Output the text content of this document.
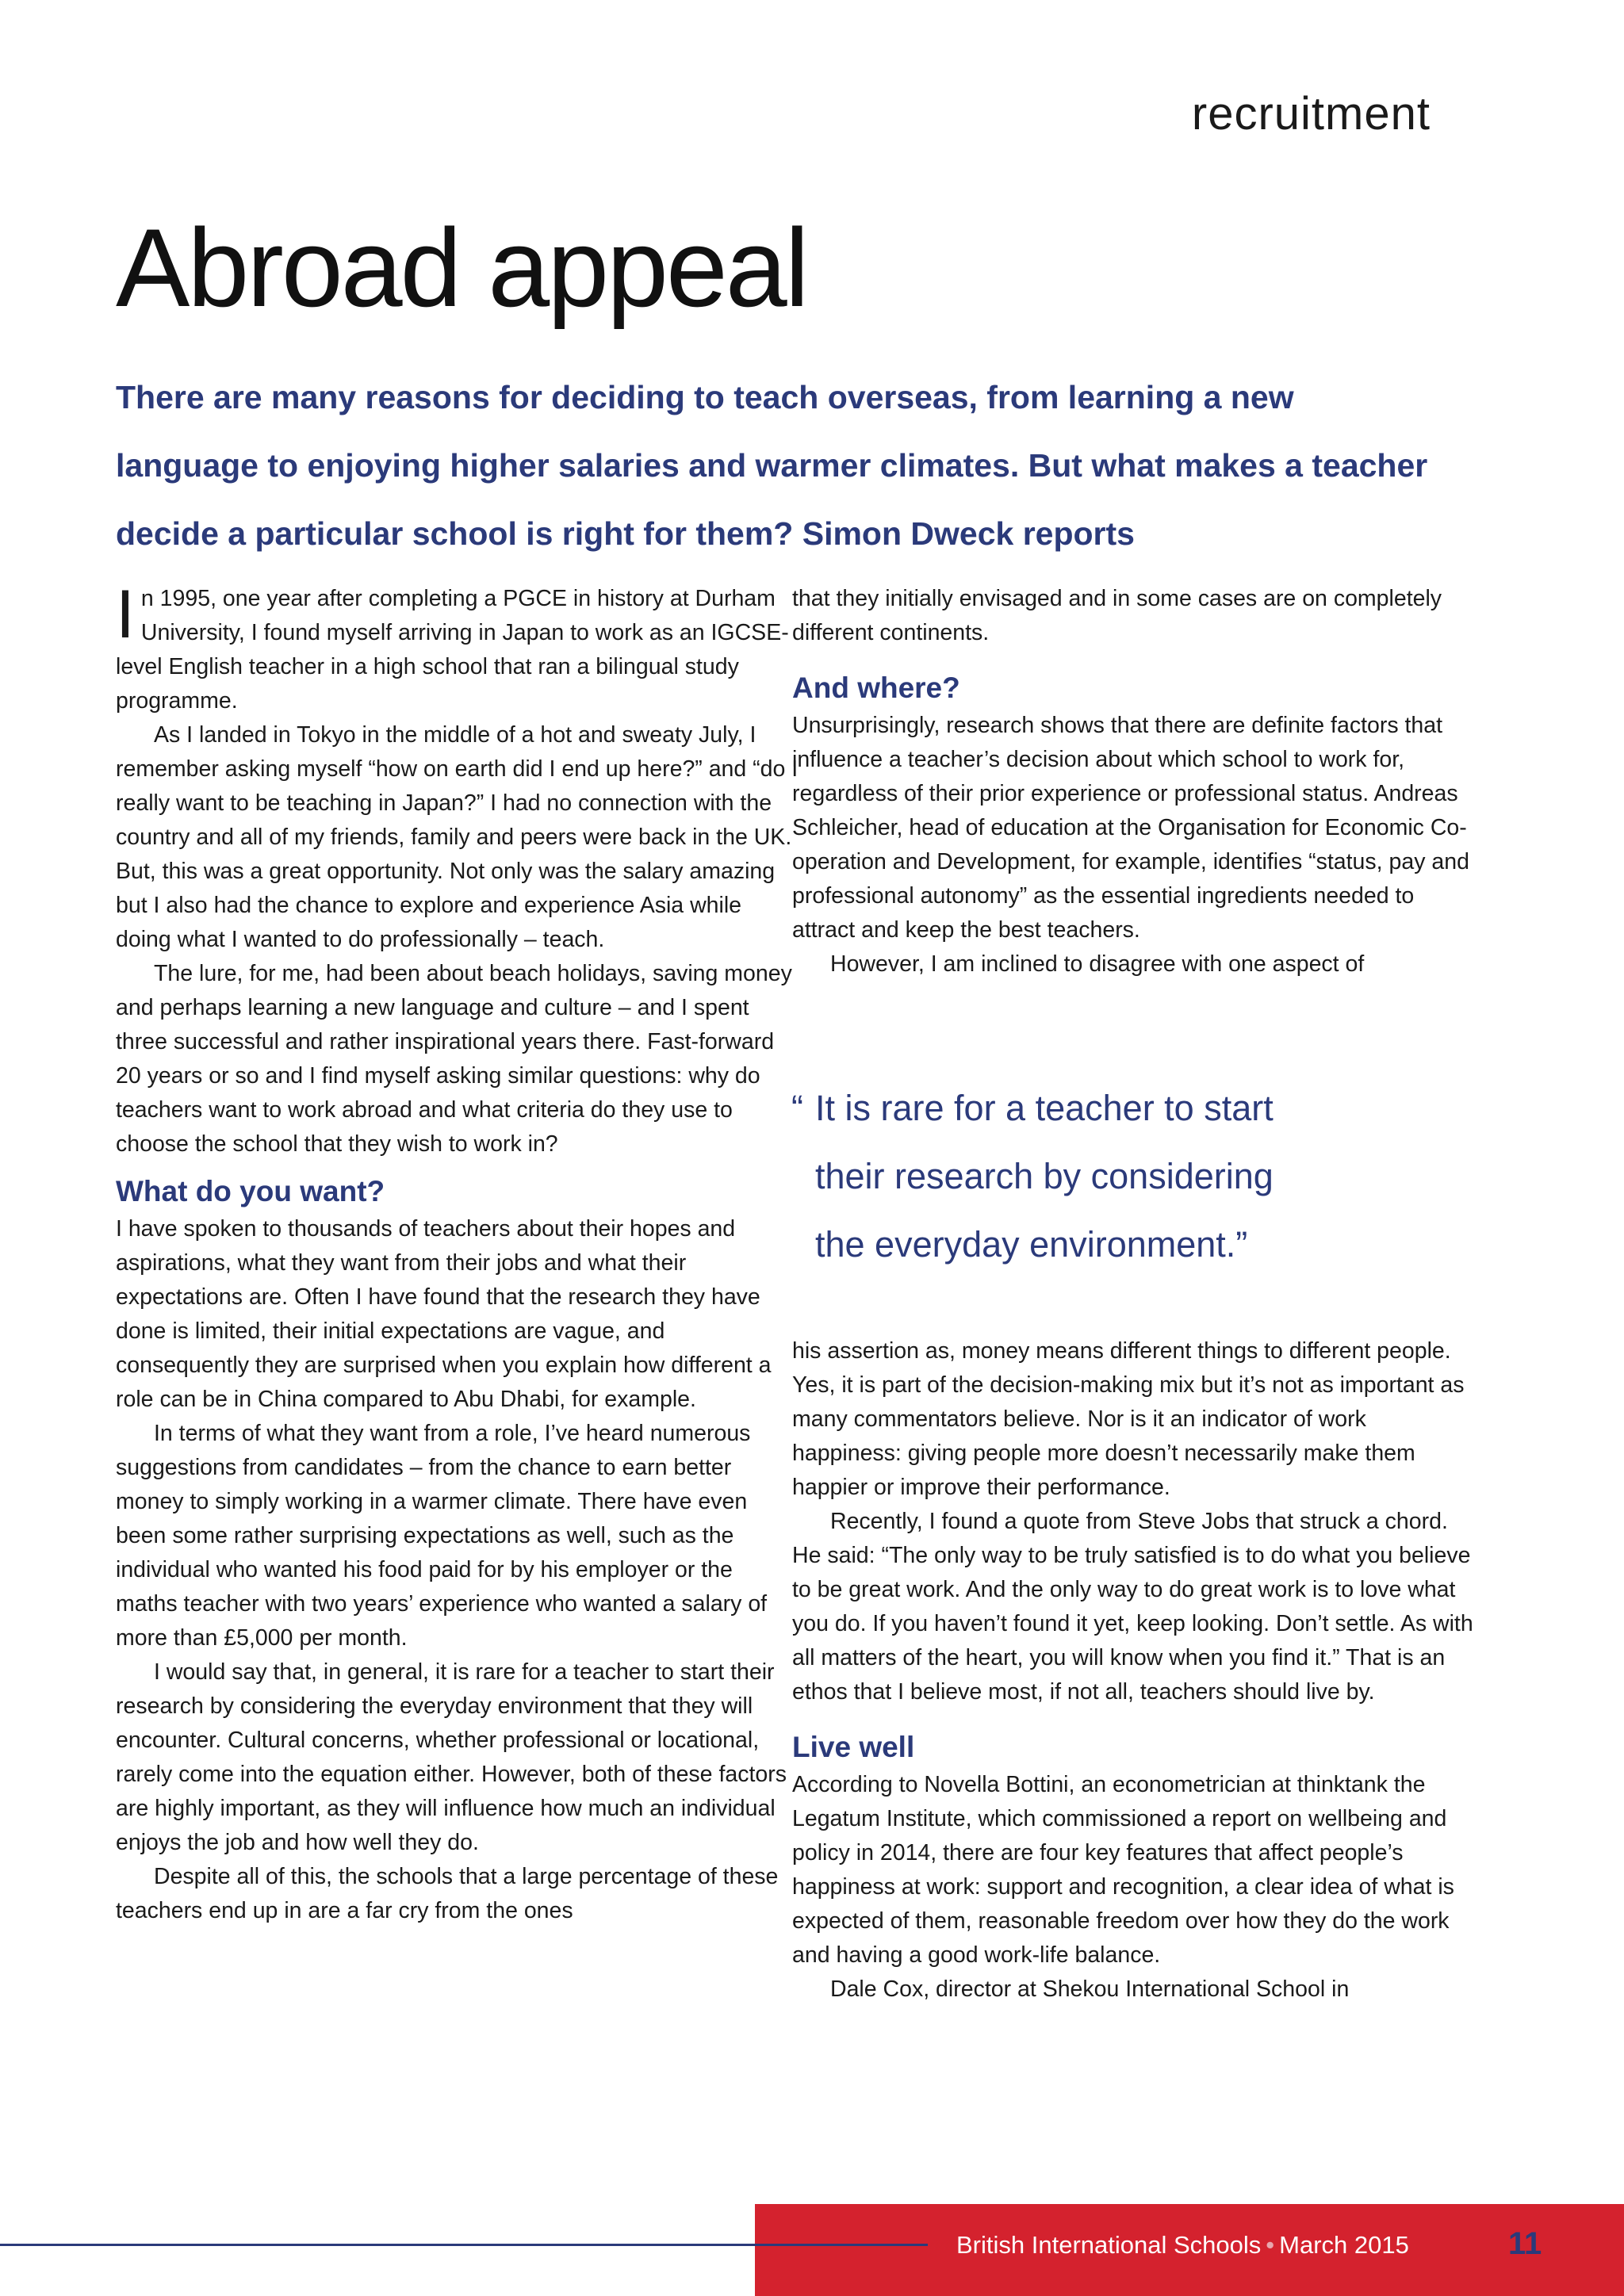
recruitment
Abroad appeal

There are many reasons for deciding to teach overseas, from learning a new language to enjoying higher salaries and warmer climates. But what makes a teacher decide a particular school is right for them? Simon Dweck reports

In 1995, one year after completing a PGCE in history at Durham University, I found myself arriving in Japan to work as an IGCSE-level English teacher in a high school that ran a bilingual study programme.

As I landed in Tokyo in the middle of a hot and sweaty July, I remember asking myself “how on earth did I end up here?” and “do I really want to be teaching in Japan?” I had no connection with the country and all of my friends, family and peers were back in the UK. But, this was a great opportunity. Not only was the salary amazing but I also had the chance to explore and experience Asia while doing what I wanted to do professionally – teach.

The lure, for me, had been about beach holidays, saving money and perhaps learning a new language and culture – and I spent three successful and rather inspirational years there. Fast-forward 20 years or so and I find myself asking similar questions: why do teachers want to work abroad and what criteria do they use to choose the school that they wish to work in?

What do you want?

I have spoken to thousands of teachers about their hopes and aspirations, what they want from their jobs and what their expectations are. Often I have found that the research they have done is limited, their initial expectations are vague, and consequently they are surprised when you explain how different a role can be in China compared to Abu Dhabi, for example.

In terms of what they want from a role, I’ve heard numerous suggestions from candidates – from the chance to earn better money to simply working in a warmer climate. There have even been some rather surprising expectations as well, such as the individual who wanted his food paid for by his employer or the maths teacher with two years’ experience who wanted a salary of more than £5,000 per month.

I would say that, in general, it is rare for a teacher to start their research by considering the everyday environment that they will encounter. Cultural concerns, whether professional or locational, rarely come into the equation either. However, both of these factors are highly important, as they will influence how much an individual enjoys the job and how well they do.

Despite all of this, the schools that a large percentage of these teachers end up in are a far cry from the ones

that they initially envisaged and in some cases are on completely different continents.

And where?

Unsurprisingly, research shows that there are definite factors that influence a teacher’s decision about which school to work for, regardless of their prior experience or professional status. Andreas Schleicher, head of education at the Organisation for Economic Co-operation and Development, for example, identifies “status, pay and professional autonomy” as the essential ingredients needed to attract and keep the best teachers.

However, I am inclined to disagree with one aspect of

“ It is rare for a teacher to start
their research by considering
the everyday environment.”

his assertion as, money means different things to different people. Yes, it is part of the decision-making mix but it’s not as important as many commentators believe. Nor is it an indicator of work happiness: giving people more doesn’t necessarily make them happier or improve their performance.

Recently, I found a quote from Steve Jobs that struck a chord. He said: “The only way to be truly satisfied is to do what you believe to be great work. And the only way to do great work is to love what you do. If you haven’t found it yet, keep looking. Don’t settle. As with all matters of the heart, you will know when you find it.” That is an ethos that I believe most, if not all, teachers should live by.

Live well

According to Novella Bottini, an econometrician at thinktank the Legatum Institute, which commissioned a report on wellbeing and policy in 2014, there are four key features that affect people’s happiness at work: support and recognition, a clear idea of what is expected of them, reasonable freedom over how they do the work and having a good work-life balance.

Dale Cox, director at Shekou International School in

British International Schools • March 2015	11
